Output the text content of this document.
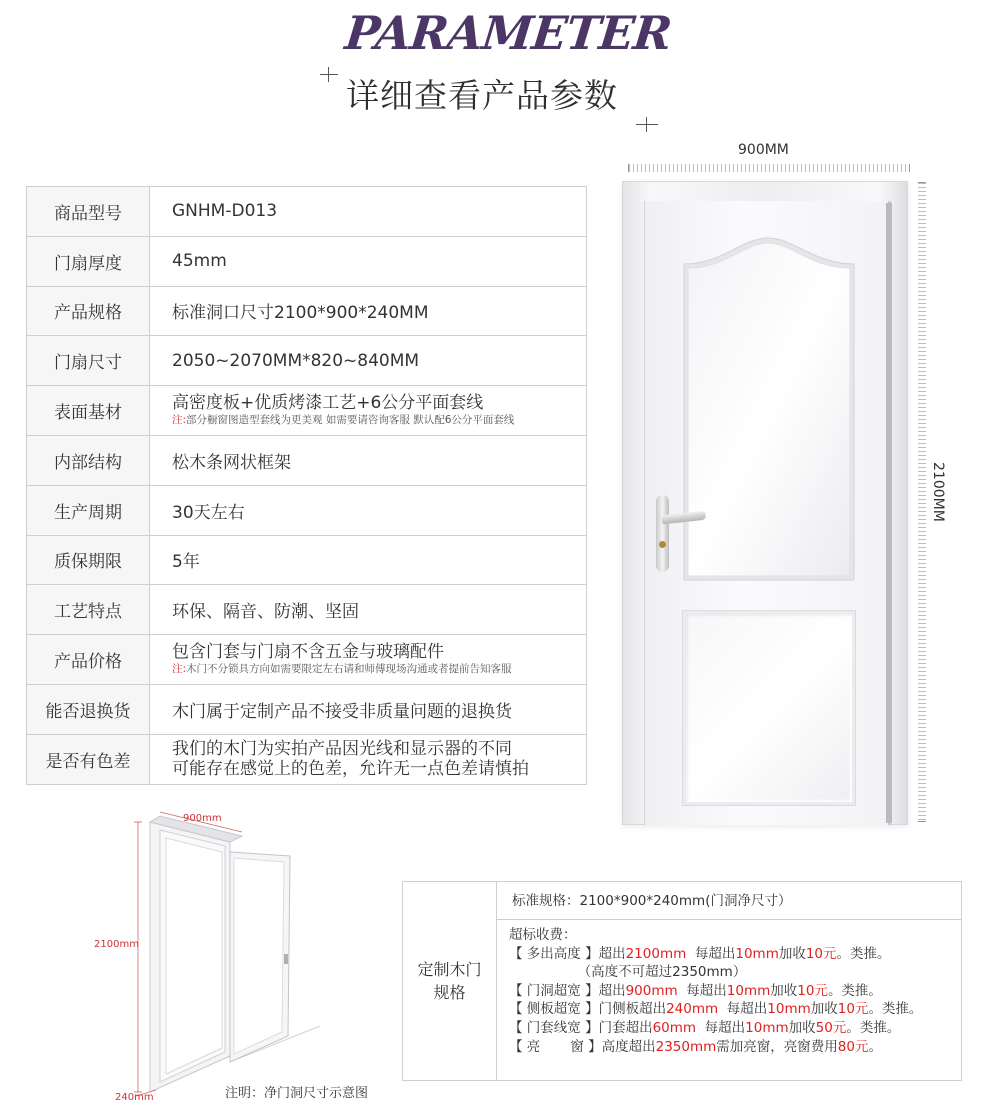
PARAMETER
详细查看产品参数
商品型号	GNHM-D013
门扇厚度	45mm
产品规格	标准洞口尺寸2100*900*240MM
门扇尺寸	2050~2070MM*820~840MM
表面基材	高密度板+优质烤漆工艺+6公分平面套线
注:部分橱窗图造型套线为更美观 如需要请咨询客服 默认配6公分平面套线

内部结构	松木条网状框架
生产周期	30天左右
质保期限	5年
工艺特点	环保、隔音、防潮、坚固
产品价格	包含门套与门扇不含五金与玻璃配件
注:木门不分锁具方向如需要限定左右请和师傅现场沟通或者提前告知客服

能否退换货	木门属于定制产品不接受非质量问题的退换货
是否有色差	我们的木门为实拍产品因光线和显示器的不同
可能存在感觉上的色差，允许无一点色差请慎拍
900MM
2100MM
900mm
2100mm
240mm	注明：净门洞尺寸示意图
定制木门规格
标准规格：2100*900*240mm(门洞净尺寸）
超标收费：
【 多出高度 】超出2100mm  每超出10mm加收10元。类推。
（高度不可超过2350mm）
【 门洞超宽 】超出900mm  每超出10mm加收10元。类推。
【 侧板超宽 】门侧板超出240mm  每超出10mm加收10元。类推。
【 门套线宽 】门套超出60mm  每超出10mm加收50元。类推。
【 亮       窗 】高度超出2350mm需加亮窗，亮窗费用80元。
